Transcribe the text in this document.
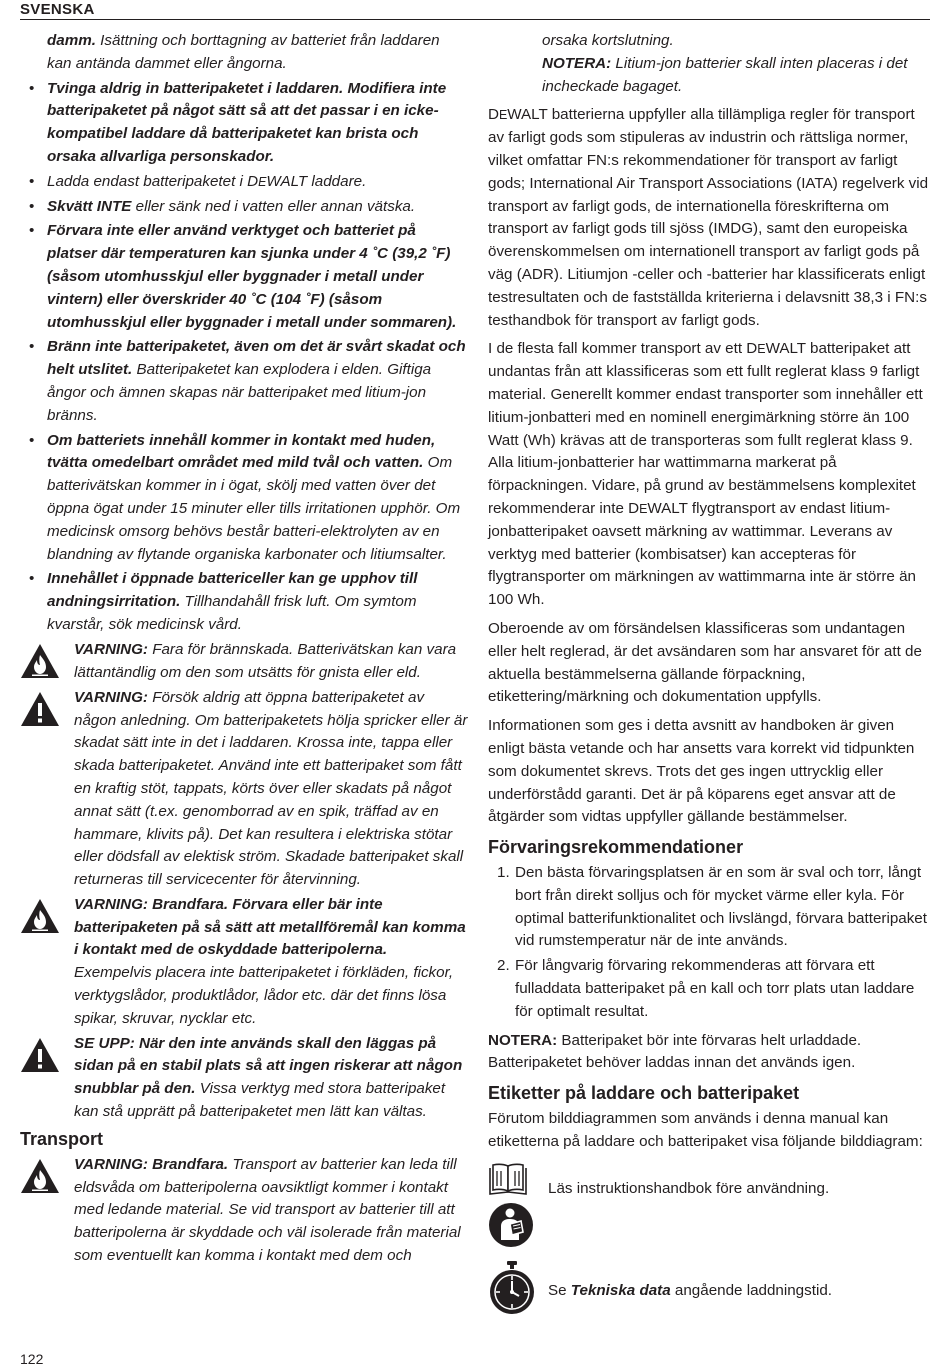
SVENSKA

damm. Isättning och borttagning av batteriet från laddaren kan antända dammet eller ångorna.

• Tvinga aldrig in batteripaketet i laddaren. Modifiera inte batteripaketet på något sätt så att det passar i en icke-kompatibel laddare då batteripaketet kan brista och orsaka allvarliga personskador.
• Ladda endast batteripaketet i DEWALT laddare.
• Skvätt INTE eller sänk ned i vatten eller annan vätska.
• Förvara inte eller använd verktyget och batteriet på platser där temperaturen kan sjunka under 4 ˚C (39,2 ˚F) (såsom utomhusskjul eller byggnader i metall under vintern) eller överskrider 40 ˚C (104 ˚F) (såsom utomhusskjul eller byggnader i metall under sommaren).
• Bränn inte batteripaketet, även om det är svårt skadat och helt utslitet. Batteripaketet kan explodera i elden. Giftiga ångor och ämnen skapas när batteripaket med litium-jon bränns.
• Om batteriets innehåll kommer in kontakt med huden, tvätta omedelbart området med mild tvål och vatten. Om batterivätskan kommer in i ögat, skölj med vatten över det öppna ögat under 15 minuter eller tills irritationen upphör. Om medicinsk omsorg behövs består batteri-elektrolyten av en blandning av flytande organiska karbonater och litiumsalter.
• Innehållet i öppnade battericeller kan ge upphov till andningsirritation. Tillhandahåll frisk luft. Om symtom kvarstår, sök medicinsk vård.
VARNING: Fara för brännskada. Batterivätskan kan vara lättantändlig om den som utsätts för gnista eller eld.
VARNING: Försök aldrig att öppna batteripaketet av någon anledning. Om batteripaketets hölja spricker eller är skadat sätt inte in det i laddaren. Krossa inte, tappa eller skada batteripaketet. Använd inte ett batteripaket som fått en kraftig stöt, tappats, körts över eller skadats på något annat sätt (t.ex. genomborrad av en spik, träffad av en hammare, klivits på). Det kan resultera i elektriska stötar eller dödsfall av elektisk ström. Skadade batteripaket skall returneras till servicecenter för återvinning.
VARNING: Brandfara. Förvara eller bär inte batteripaketen på så sätt att metallföremål kan komma i kontakt med de oskyddade batteripolerna. Exempelvis placera inte batteripaketet i förkläden, fickor, verktygslådor, produktlådor, lådor etc. där det finns lösa spikar, skruvar, nycklar etc.
SE UPP: När den inte används skall den läggas på sidan på en stabil plats så att ingen riskerar att någon snubblar på den. Vissa verktyg med stora batteripaket kan stå upprätt på batteripaketet men lätt kan vältas.
Transport
VARNING: Brandfara. Transport av batterier kan leda till eldsvåda om batteripolerna oavsiktligt kommer i kontakt med ledande material. Se vid transport av batterier till att batteripolerna är skyddade och väl isolerade från material som eventuellt kan komma i kontakt med dem och
orsaka kortslutning.
NOTERA: Litium-jon batterier skall inten placeras i det incheckade bagaget.

DEWALT batterierna uppfyller alla tillämpliga regler för transport av farligt gods som stipuleras av industrin och rättsliga normer, vilket omfattar FN:s rekommendationer för transport av farligt gods; International Air Transport Associations (IATA) regelverk vid transport av farligt gods, de internationella föreskrifterna om transport av farligt gods till sjöss (IMDG), samt den europeiska överenskommelsen om internationell transport av farligt gods på väg (ADR). Litiumjon -celler och -batterier har klassificerats enligt testresultaten och de fastställda kriterierna i delavsnitt 38,3 i FN:s testhandbok för transport av farligt gods.

I de flesta fall kommer transport av ett DEWALT batteripaket att undantas från att klassificeras som ett fullt reglerat klass 9 farligt material. Generellt kommer endast transporter som innehåller ett litium-jonbatteri med en nominell energimärkning större än 100 Watt (Wh) krävas att de transporteras som fullt reglerat klass 9. Alla litium-jonbatterier har wattimmarna markerat på förpackningen. Vidare, på grund av bestämmelsens komplexitet rekommenderar inte DEWALT flygtransport av endast litium-jonbatteripaket oavsett märkning av wattimmar. Leverans av verktyg med batterier (kombisatser) kan accepteras för flygtransporter om märkningen av wattimmarna inte är större än 100 Wh.

Oberoende av om försändelsen klassificeras som undantagen eller helt reglerad, är det avsändaren som har ansvaret för att de aktuella bestämmelserna gällande förpackning, etikettering/märkning och dokumentation uppfylls.

Informationen som ges i detta avsnitt av handboken är given enligt bästa vetande och har ansetts vara korrekt vid tidpunkten som dokumentet skrevs. Trots det ges ingen uttrycklig eller underförstådd garanti. Det är på köparens eget ansvar att de åtgärder som vidtas uppfyller gällande bestämmelser.

Förvaringsrekommendationer
1. Den bästa förvaringsplatsen är en som är sval och torr, långt bort från direkt solljus och för mycket värme eller kyla. För optimal batterifunktionalitet och livslängd, förvara batteripaket vid rumstemperatur när de inte används.
2. För långvarig förvaring rekommenderas att förvara ett fulladdata batteripaket på en kall och torr plats utan laddare för optimalt resultat.

NOTERA: Batteripaket bör inte förvaras helt urladdade. Batteripaketet behöver laddas innan det används igen.

Etiketter på laddare och batteripaket

Förutom bilddiagrammen som används i denna manual kan etiketterna på laddare och batteripaket visa följande bilddiagram:

Läs instruktionshandbok före användning.
Se Tekniska data angående laddningstid.
122
